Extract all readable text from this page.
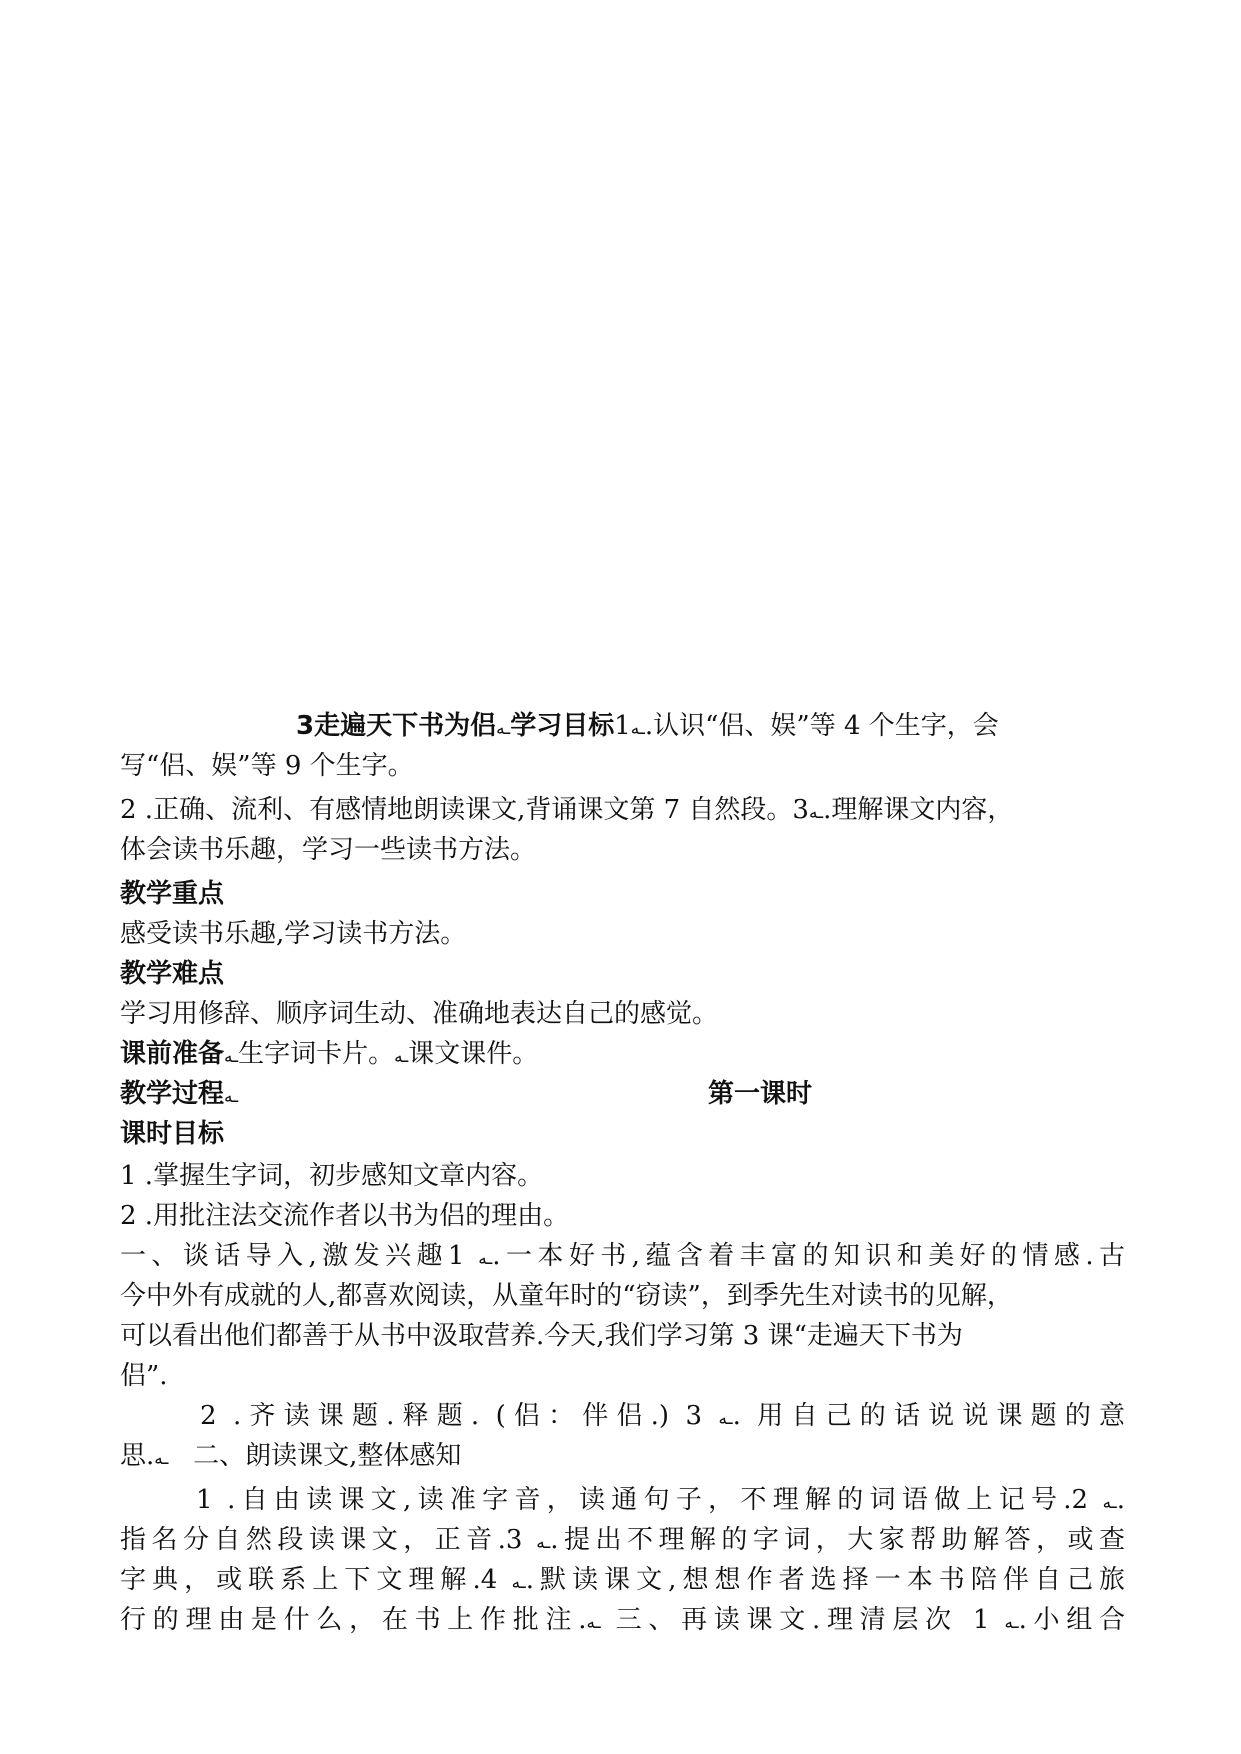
3走遍天下书为侣ـه学习目标1ـه.认识“侣、娱”等 4 个生字，会
写“侣、娱”等 9 个生字。
2 .正确、流利、有感情地朗读课文,背诵课文第 7 自然段。3ـه.理解课文内容，
体会读书乐趣，学习一些读书方法。
教学重点
感受读书乐趣,学习读书方法。
教学难点
学习用修辞、顺序词生动、准确地表达自己的感觉。
课前准备ـه生字词卡片。ـه课文课件。
教学过程ـه	第一课时
课时目标
1 .掌握生字词，初步感知文章内容。
2 .用批注法交流作者以书为侣的理由。
一、谈话导入,激发兴趣1 ـه.一本好书,蕴含着丰富的知识和美好的情感.古
今中外有成就的人,都喜欢阅读，从童年时的“窃读”，到季先生对读书的见解，
可以看出他们都善于从书中汲取营养.今天,我们学习第 3 课“走遍天下书为
侣”.
2 .齐读课题.释题. (侣：伴侣.) 3 ـه. 用自己的话说说课题的意
思.ـه 二、朗读课文,整体感知
1 .自由读课文,读准字音，读通句子，不理解的词语做上记号.2 ـه.
指名分自然段读课文，正音.3 ـه.提出不理解的字词，大家帮助解答，或查
字典，或联系上下文理解.4 ـه.默读课文,想想作者选择一本书陪伴自己旅
行的理由是什么，在书上作批注.ـه 三、再读课文.理清层次 1 ـه.小组合
